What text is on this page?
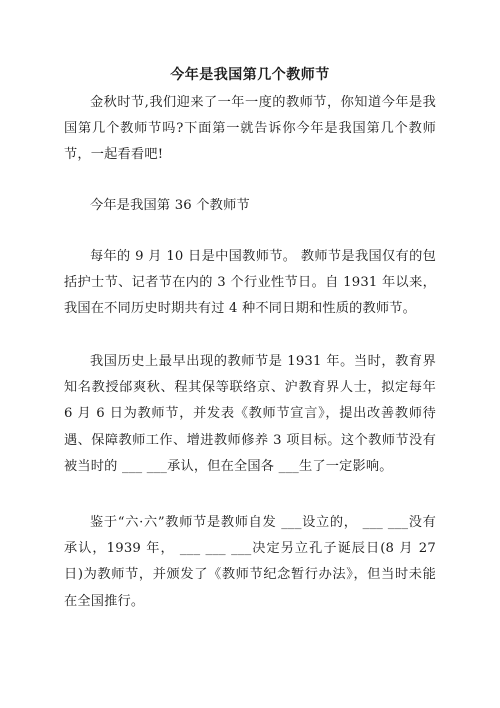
今年是我国第几个教师节
金秋时节,我们迎来了一年一度的教师节，你知道今年是我国第几个教师节吗?下面第一就告诉你今年是我国第几个教师节，一起看看吧!
今年是我国第 36 个教师节
每年的 9 月 10 日是中国教师节。 教师节是我国仅有的包括护士节、记者节在内的 3 个行业性节日。自 1931 年以来，我国在不同历史时期共有过 4 种不同日期和性质的教师节。
我国历史上最早出现的教师节是 1931 年。当时，教育界知名教授邰爽秋、程其保等联络京、沪教育界人士，拟定每年 6 月 6 日为教师节，并发表《教师节宣言》，提出改善教师待遇、保障教师工作、增进教师修养 3 项目标。这个教师节没有被当时的 ___ ___承认，但在全国各 ___生了一定影响。
鉴于“六·六”教师节是教师自发 ___设立的， ___ ___没有承认，1939 年， ___ ___ ___决定另立孔子诞辰日(8 月 27 日)为教师节，并颁发了《教师节纪念暂行办法》，但当时未能在全国推行。
